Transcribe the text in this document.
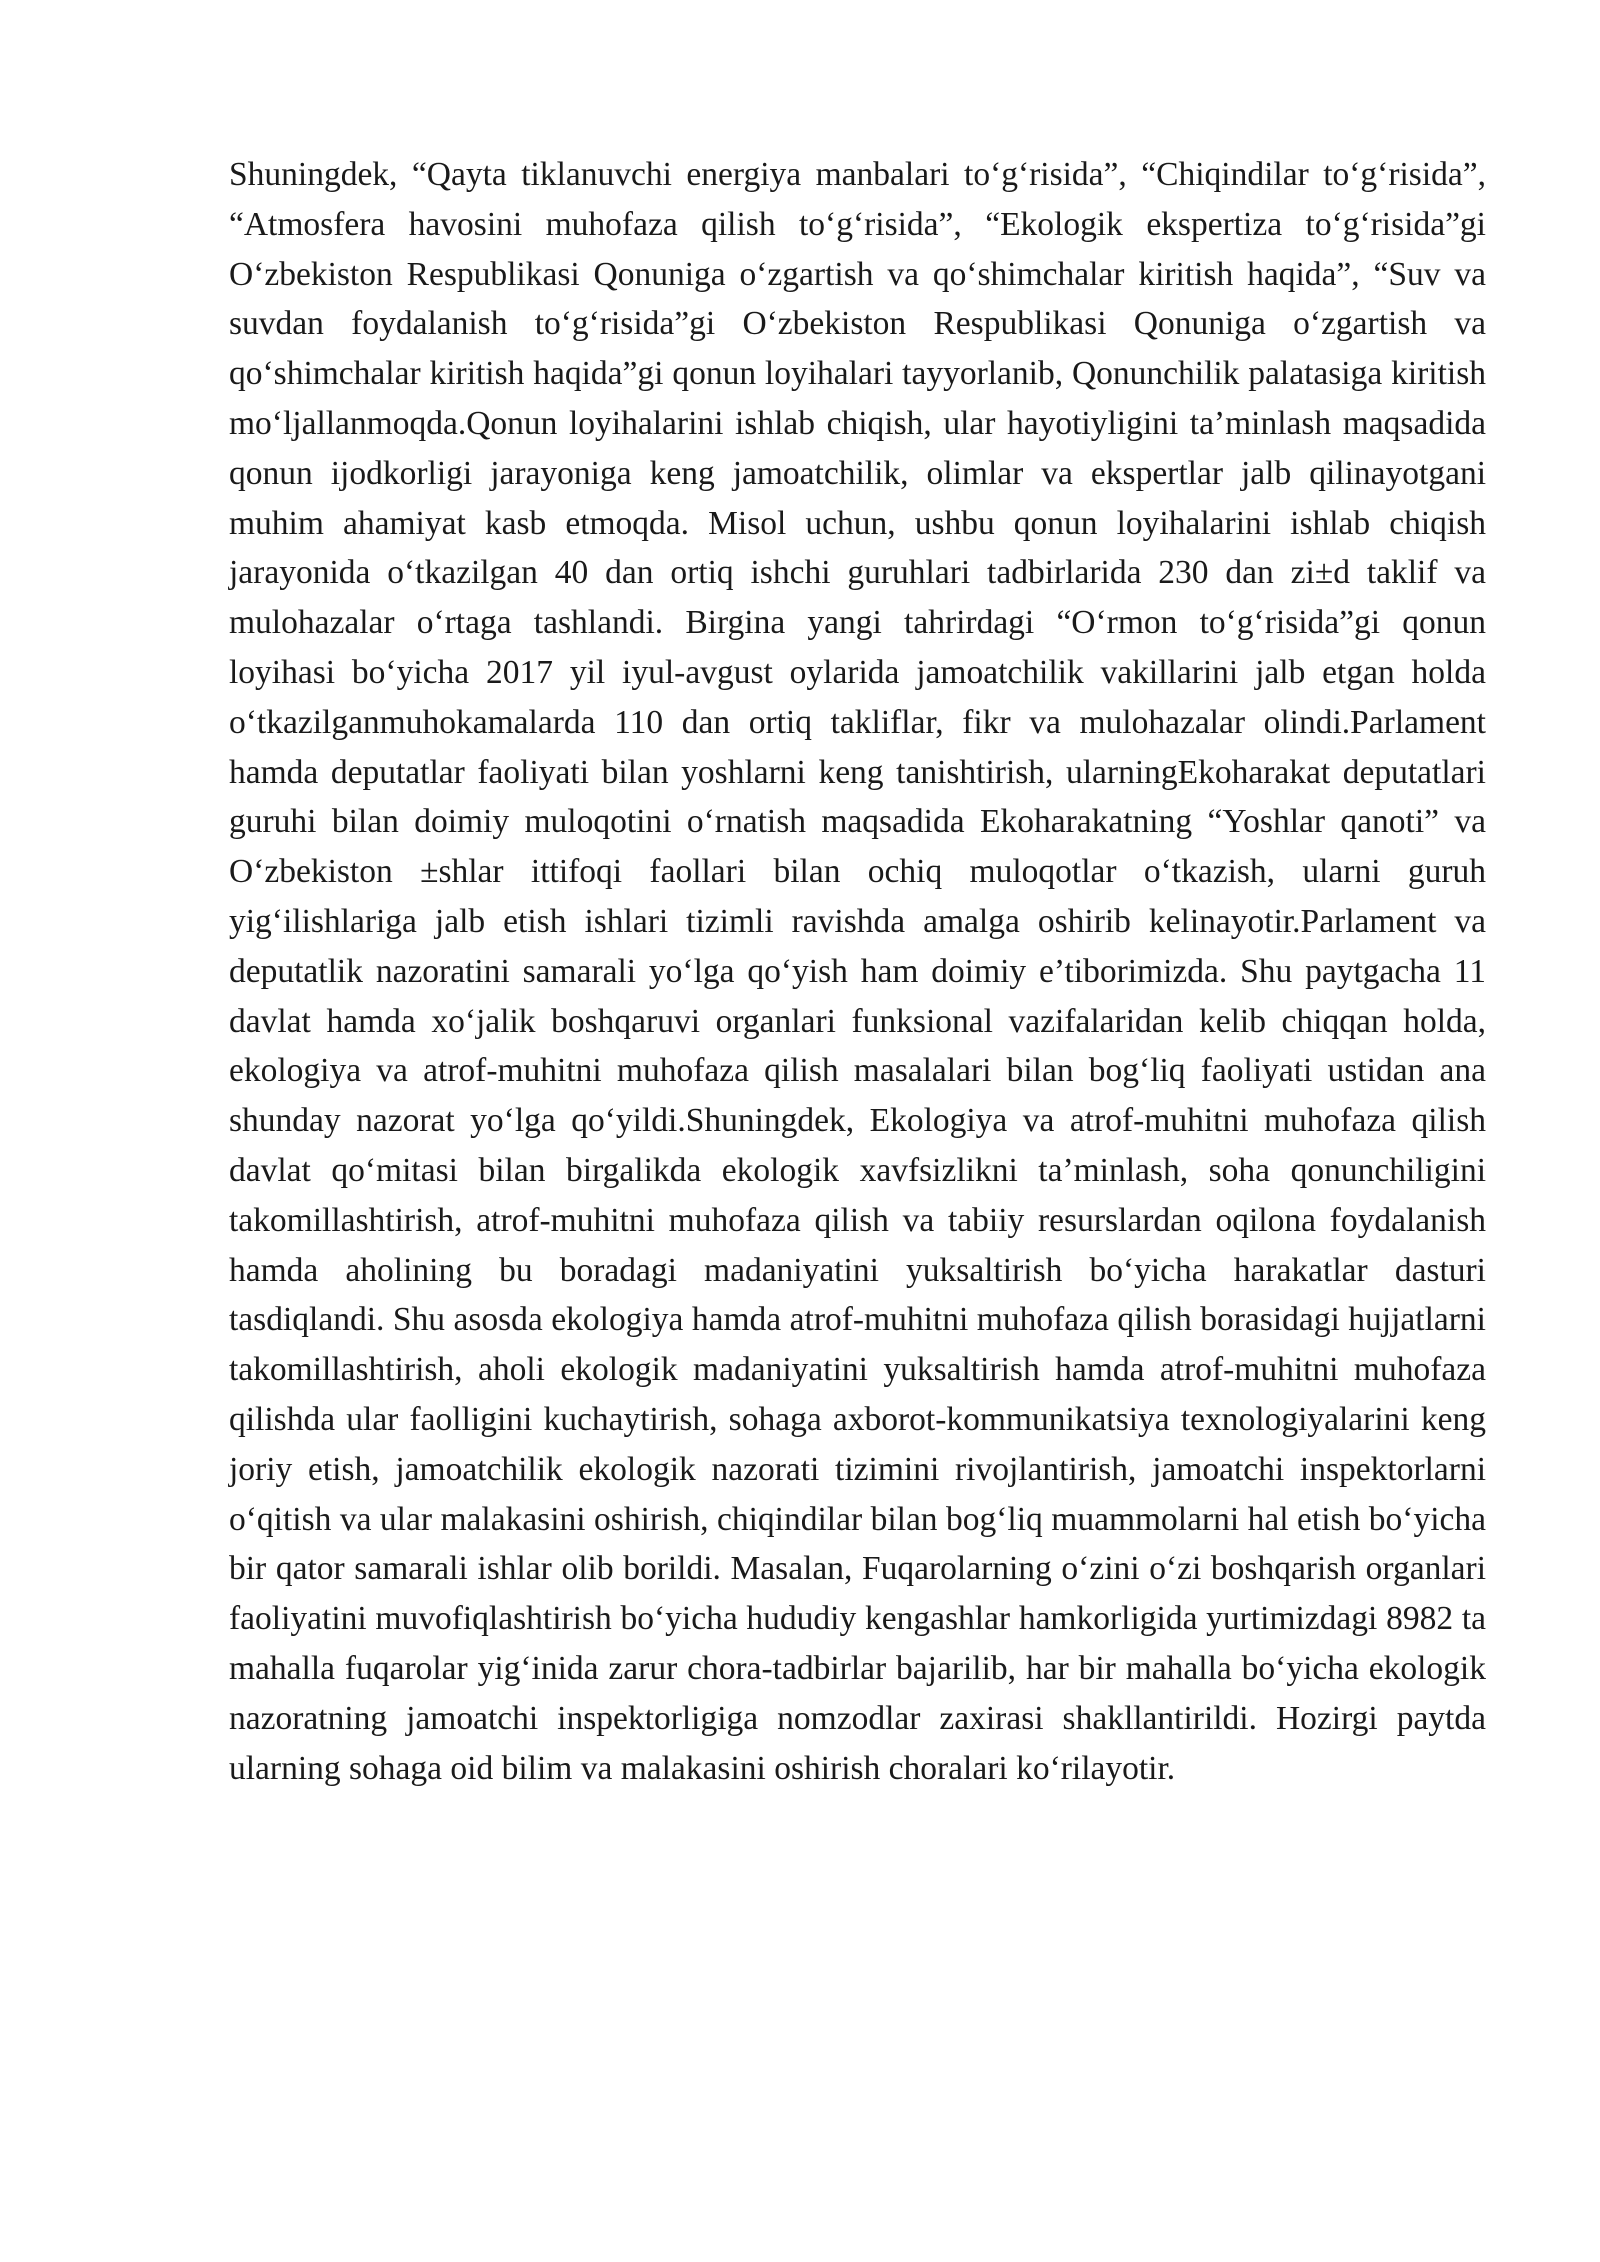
Shuningdek, “Qayta tiklanuvchi energiya manbalari to‘g‘risida”, “Chiqindilar to‘g‘risida”, “Atmosfera havosini muhofaza qilish to‘g‘risida”, “Ekologik ekspertiza to‘g‘risida”gi O‘zbekiston Respublikasi Qonuniga o‘zgartish va qo‘shimchalar kiritish haqida”, “Suv va suvdan foydalanish to‘g‘risida”gi O‘zbekiston Respublikasi Qonuniga o‘zgartish va qo‘shimchalar kiritish haqida”gi qonun loyihalari tayyorlanib, Qonunchilik palatasiga kiritish mo‘ljallanmoqda.Qonun loyihalarini ishlab chiqish, ular hayotiyligini ta’minlash maqsadida qonun ijodkorligi jarayoniga keng jamoatchilik, olimlar va ekspertlar jalb qilinayotgani muhim ahamiyat kasb etmoqda. Misol uchun, ushbu qonun loyihalarini ishlab chiqish jarayonida o‘tkazilgan 40 dan ortiq ishchi guruhlari tadbirlarida 230 dan zi±d taklif va mulohazalar o‘rtaga tashlandi. Birgina yangi tahrirdagi “O‘rmon to‘g‘risida”gi qonun loyihasi bo‘yicha 2017 yil iyul-avgust oylarida jamoatchilik vakillarini jalb etgan holda o‘tkazilganmuhokamalarda 110 dan ortiq takliflar, fikr va mulohazalar olindi.Parlament hamda deputatlar faoliyati bilan yoshlarni keng tanishtirish, ularningEkoharakat deputatlari guruhi bilan doimiy muloqotini o‘rnatish maqsadida Ekoharakatning “Yoshlar qanoti” va O‘zbekiston ±shlar ittifoqi faollari bilan ochiq muloqotlar o‘tkazish, ularni guruh yig‘ilishlariga jalb etish ishlari tizimli ravishda amalga oshirib kelinayotir.Parlament va deputatlik nazoratini samarali yo‘lga qo‘yish ham doimiy e’tiborimizda. Shu paytgacha 11 davlat hamda xo‘jalik boshqaruvi organlari funksional vazifalaridan kelib chiqqan holda, ekologiya va atrof-muhitni muhofaza qilish masalalari bilan bog‘liq faoliyati ustidan ana shunday nazorat yo‘lga qo‘yildi.Shuningdek, Ekologiya va atrof-muhitni muhofaza qilish davlat qo‘mitasi bilan birgalikda ekologik xavfsizlikni ta’minlash, soha qonunchiligini takomillashtirish, atrof-muhitni muhofaza qilish va tabiiy resurslardan oqilona foydalanish hamda aholining bu boradagi madaniyatini yuksaltirish bo‘yicha harakatlar dasturi tasdiqlandi. Shu asosda ekologiya hamda atrof-muhitni muhofaza qilish borasidagi hujjatlarni takomillashtirish, aholi ekologik madaniyatini yuksaltirish hamda atrof-muhitni muhofaza qilishda ular faolligini kuchaytirish, sohaga axborot-kommunikatsiya texnologiyalarini keng joriy etish, jamoatchilik ekologik nazorati tizimini rivojlantirish, jamoatchi inspektorlarni o‘qitish va ular malakasini oshirish, chiqindilar bilan bog‘liq muammolarni hal etish bo‘yicha bir qator samarali ishlar olib borildi. Masalan, Fuqarolarning o‘zini o‘zi boshqarish organlari faoliyatini muvofiqlashtirish bo‘yicha hududiy kengashlar hamkorligida yurtimizdagi 8982 ta mahalla fuqarolar yig‘inida zarur chora-tadbirlar bajarilib, har bir mahalla bo‘yicha ekologik nazoratning jamoatchi inspektorligiga nomzodlar zaxirasi shakllantirildi. Hozirgi paytda ularning sohaga oid bilim va malakasini oshirish choralari ko‘rilayotir.
